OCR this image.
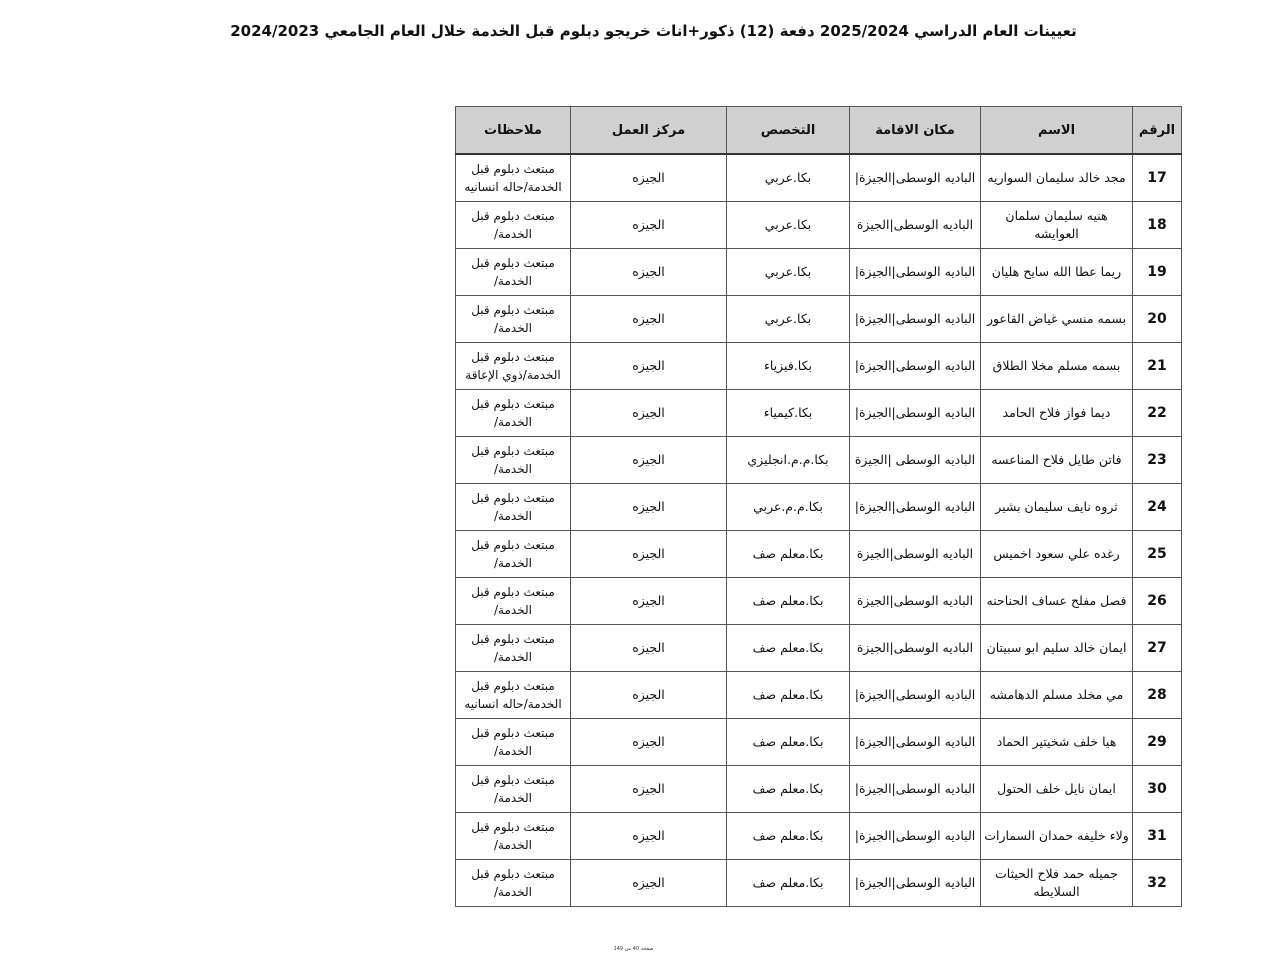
تعيينات العام الدراسي 2025/2024 دفعة (12) ذكور+اناث خريجو دبلوم قبل الخدمة خلال العام الجامعي 2024/2023
الرقم	الاسم	مكان الاقامة	التخصص	مركز العمل	ملاحظات
17	مجد خالد سليمان السواريه	الباديه الوسطى|الجيزة|	بكا.عربي	الجيزه	مبتعث دبلوم قبل الخدمة/حاله انسانيه
18	هنيه سليمان سلمان العوايشه	الباديه الوسطى|الجيزة	بكا.عربي	الجيزه	مبتعث دبلوم قبل الخدمة/
19	ريما عطا الله سايح هليان	الباديه الوسطى|الجيزة|	بكا.عربي	الجيزه	مبتعث دبلوم قبل الخدمة/
20	بسمه منسي غياض القاعور	الباديه الوسطى|الجيزة|	بكا.عربي	الجيزه	مبتعث دبلوم قبل الخدمة/
21	بسمه مسلم مخلا الطلاق	الباديه الوسطى|الجيزة|	بكا.فيزياء	الجيزه	مبتعث دبلوم قبل الخدمة/ذوي الإعاقة
22	ديما فواز فلاح الحامد	الباديه الوسطى|الجيزة|	بكا.كيمياء	الجيزه	مبتعث دبلوم قبل الخدمة/
23	فاتن طايل فلاح المناعسه	الباديه الوسطى |الجيزة	بكا.م.م.انجليزي	الجيزه	مبتعث دبلوم قبل الخدمة/
24	ثروه نايف سليمان بشير	الباديه الوسطى|الجيزة|	بكا.م.م.عربي	الجيزه	مبتعث دبلوم قبل الخدمة/
25	رغده علي سعود اخميس	الباديه الوسطى|الجيزة	بكا.معلم صف	الجيزه	مبتعث دبلوم قبل الخدمة/
26	فصل مفلح عساف الحناحنه	الباديه الوسطى|الجيزة	بكا.معلم صف	الجيزه	مبتعث دبلوم قبل الخدمة/
27	ايمان خالد سليم ابو سبيتان	الباديه الوسطى|الجيزة	بكا.معلم صف	الجيزه	مبتعث دبلوم قبل الخدمة/
28	مي مخلد مسلم الدهامشه	الباديه الوسطى|الجيزة|	بكا.معلم صف	الجيزه	مبتعث دبلوم قبل الخدمة/حاله انسانيه
29	هيا خلف شخيتير الحماد	الباديه الوسطى|الجيزة|	بكا.معلم صف	الجيزه	مبتعث دبلوم قبل الخدمة/
30	ايمان نايل خلف الحتول	الباديه الوسطى|الجيزة|	بكا.معلم صف	الجيزه	مبتعث دبلوم قبل الخدمة/
31	ولاء خليفه حمدان السمارات	الباديه الوسطى|الجيزة|	بكا.معلم صف	الجيزه	مبتعث دبلوم قبل الخدمة/
32	جميله حمد فلاح الحيثات السلايطه	الباديه الوسطى|الجيزة|	بكا.معلم صف	الجيزه	مبتعث دبلوم قبل الخدمة/
صفحة 40 من 149
